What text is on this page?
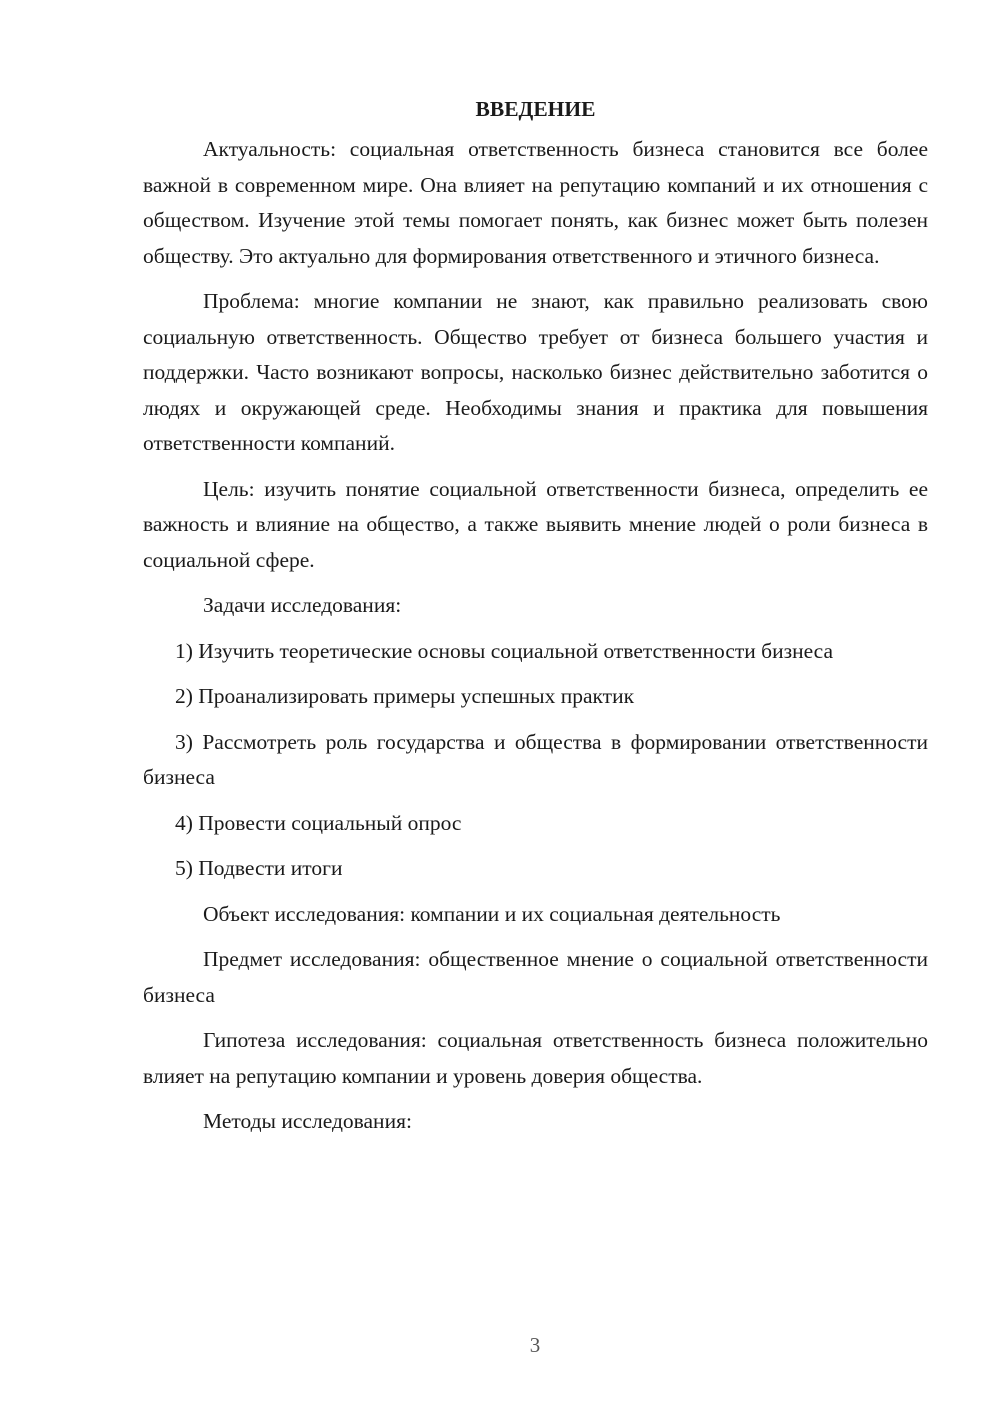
ВВЕДЕНИЕ

Актуальность: социальная ответственность бизнеса становится все более важной в современном мире. Она влияет на репутацию компаний и их отношения с обществом. Изучение этой темы помогает понять, как бизнес может быть полезен обществу. Это актуально для формирования ответственного и этичного бизнеса.

Проблема: многие компании не знают, как правильно реализовать свою социальную ответственность. Общество требует от бизнеса большего участия и поддержки. Часто возникают вопросы, насколько бизнес действительно заботится о людях и окружающей среде. Необходимы знания и практика для повышения ответственности компаний.

Цель: изучить понятие социальной ответственности бизнеса, определить ее важность и влияние на общество, а также выявить мнение людей о роли бизнеса в социальной сфере.

Задачи исследования:

1) Изучить теоретические основы социальной ответственности бизнеса

2) Проанализировать примеры успешных практик

3) Рассмотреть роль государства и общества в формировании ответственности бизнеса

4) Провести социальный опрос

5) Подвести итоги

Объект исследования: компании и их социальная деятельность

Предмет исследования: общественное мнение о социальной ответственности бизнеса

Гипотеза исследования: социальная ответственность бизнеса положительно влияет на репутацию компании и уровень доверия общества.

Методы исследования:

3
